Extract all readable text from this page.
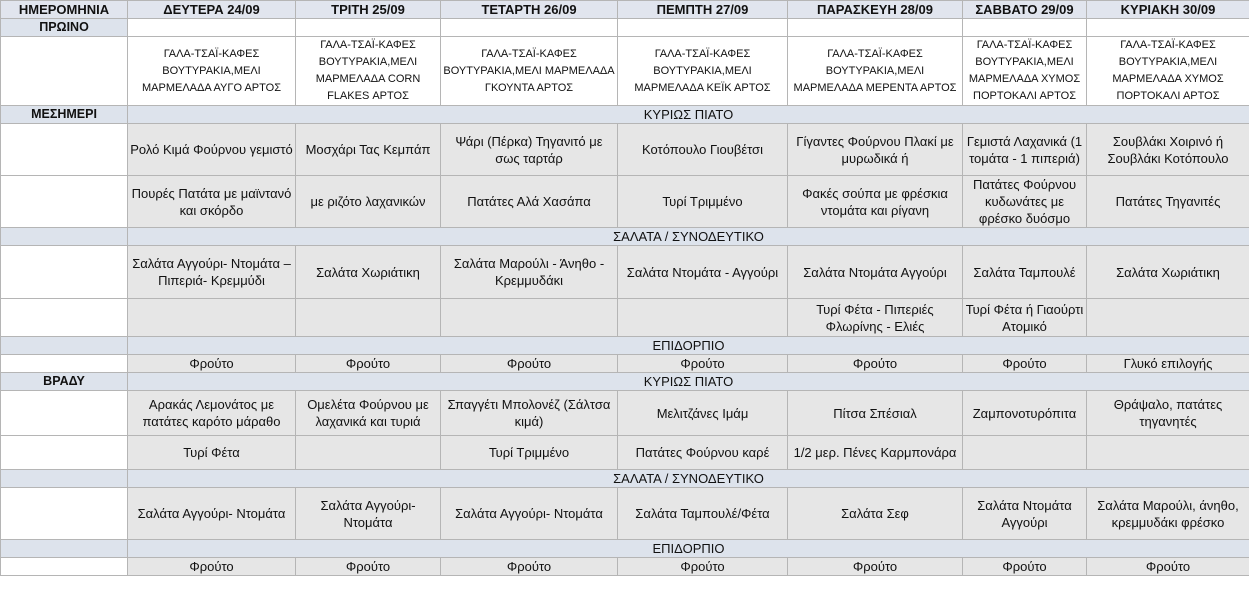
ΗΜΕΡΟΜΗΝΙΑ	ΔΕΥΤΕΡΑ 24/09	ΤΡΙΤΗ 25/09	ΤΕΤΑΡΤΗ 26/09	ΠΕΜΠΤΗ 27/09	ΠΑΡΑΣΚΕΥΗ 28/09	ΣΑΒΒΑΤΟ 29/09	ΚΥΡΙΑΚΗ 30/09
ΠΡΩΙΝΟ							
	ΓΑΛΑ-ΤΣΑΪ-ΚΑΦΕΣ ΒΟΥΤΥΡΑΚΙΑ,ΜΕΛΙ ΜΑΡΜΕΛΑΔΑ ΑΥΓΟ ΑΡΤΟΣ	ΓΑΛΑ-ΤΣΑΪ-ΚΑΦΕΣ ΒΟΥΤΥΡΑΚΙΑ,ΜΕΛΙ ΜΑΡΜΕΛΑΔΑ CORN FLAKES ΑΡΤΟΣ	ΓΑΛΑ-ΤΣΑΪ-ΚΑΦΕΣ ΒΟΥΤΥΡΑΚΙΑ,ΜΕΛΙ ΜΑΡΜΕΛΑΔΑ ΓΚΟΥΝΤΑ ΑΡΤΟΣ	ΓΑΛΑ-ΤΣΑΪ-ΚΑΦΕΣ ΒΟΥΤΥΡΑΚΙΑ,ΜΕΛΙ ΜΑΡΜΕΛΑΔΑ ΚΕΪΚ ΑΡΤΟΣ	ΓΑΛΑ-ΤΣΑΪ-ΚΑΦΕΣ ΒΟΥΤΥΡΑΚΙΑ,ΜΕΛΙ ΜΑΡΜΕΛΑΔΑ ΜΕΡΕΝΤΑ ΑΡΤΟΣ	ΓΑΛΑ-ΤΣΑΪ-ΚΑΦΕΣ ΒΟΥΤΥΡΑΚΙΑ,ΜΕΛΙ ΜΑΡΜΕΛΑΔΑ ΧΥΜΟΣ ΠΟΡΤΟΚΑΛΙ ΑΡΤΟΣ	ΓΑΛΑ-ΤΣΑΪ-ΚΑΦΕΣ ΒΟΥΤΥΡΑΚΙΑ,ΜΕΛΙ ΜΑΡΜΕΛΑΔΑ ΧΥΜΟΣ ΠΟΡΤΟΚΑΛΙ ΑΡΤΟΣ
ΜΕΣΗΜΕΡΙ	ΚΥΡΙΩΣ ΠΙΑΤΟ						
	Ρολό Κιμά Φούρνου γεμιστό	Μοσχάρι Τας Κεμπάπ	Ψάρι (Πέρκα) Τηγανιτό με σως ταρτάρ	Κοτόπουλο Γιουβέτσι	Γίγαντες Φούρνου Πλακί με μυρωδικά ή	Γεμιστά Λαχανικά (1 τομάτα - 1 πιπεριά)	Σουβλάκι Χοιρινό ή Σουβλάκι Κοτόπουλο
	Πουρές Πατάτα με μαϊντανό και σκόρδο	με ριζότο λαχανικών	Πατάτες Αλά Χασάπα	Τυρί Τριμμένο	Φακές σούπα με φρέσκια ντομάτα και ρίγανη	Πατάτες Φούρνου κυδωνάτες με φρέσκο δυόσμο	Πατάτες Τηγανιτές
	ΣΑΛΑΤΑ / ΣΥΝΟΔΕΥΤΙΚΟ						
	Σαλάτα Αγγούρι- Ντομάτα – Πιπεριά- Κρεμμύδι	Σαλάτα Χωριάτικη	Σαλάτα Μαρούλι - Άνηθο - Κρεμμυδάκι	Σαλάτα Ντομάτα - Αγγούρι	Σαλάτα Ντομάτα Αγγούρι	Σαλάτα Ταμπουλέ	Σαλάτα Χωριάτικη
					Τυρί Φέτα - Πιπεριές Φλωρίνης - Ελιές	Τυρί Φέτα ή Γιαούρτι Ατομικό	
	ΕΠΙΔΟΡΠΙΟ						
	Φρούτο	Φρούτο	Φρούτο	Φρούτο	Φρούτο	Φρούτο	Γλυκό επιλογής
ΒΡΑΔΥ	ΚΥΡΙΩΣ ΠΙΑΤΟ						
	Αρακάς Λεμονάτος με πατάτες καρότο μάραθο	Ομελέτα Φούρνου με λαχανικά και τυριά	Σπαγγέτι Μπολονέζ (Σάλτσα κιμά)	Μελιτζάνες Ιμάμ	Πίτσα Σπέσιαλ	Ζαμπονοτυρόπιτα	Θράψαλο, πατάτες τηγανητές
	Τυρί Φέτα		Τυρί Τριμμένο	Πατάτες Φούρνου καρέ	1/2 μερ. Πένες Καρμπονάρα		
	ΣΑΛΑΤΑ / ΣΥΝΟΔΕΥΤΙΚΟ						
	Σαλάτα Αγγούρι- Ντομάτα	Σαλάτα Αγγούρι- Ντομάτα	Σαλάτα Αγγούρι- Ντομάτα	Σαλάτα Ταμπουλέ/Φέτα	Σαλάτα Σεφ	Σαλάτα Ντομάτα Αγγούρι	Σαλάτα Μαρούλι, άνηθο, κρεμμυδάκι φρέσκο
	ΕΠΙΔΟΡΠΙΟ						
	Φρούτο	Φρούτο	Φρούτο	Φρούτο	Φρούτο	Φρούτο	Φρούτο
